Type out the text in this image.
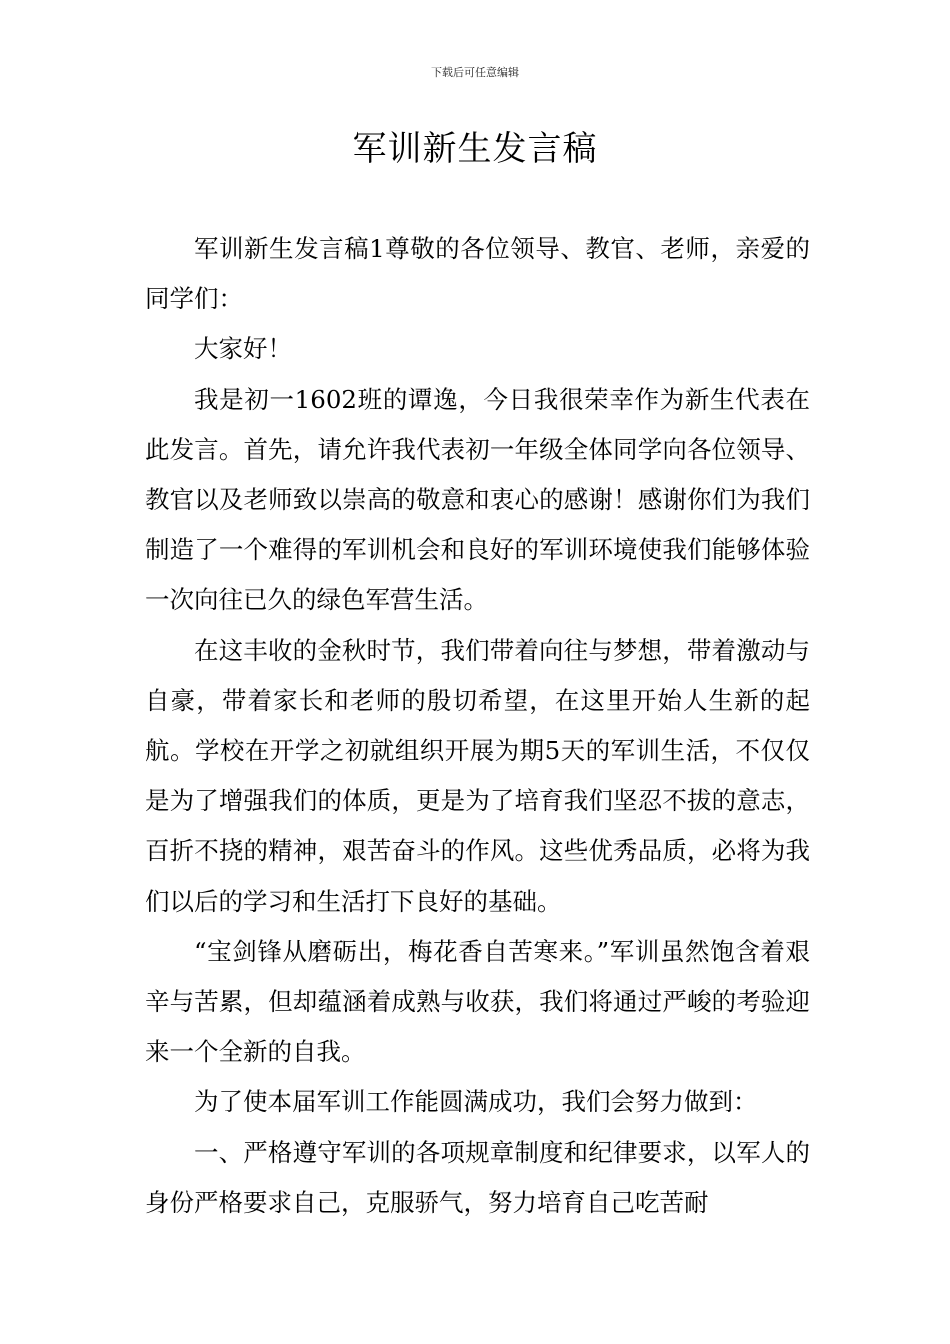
下载后可任意编辑
军训新生发言稿

军训新生发言稿1尊敬的各位领导、教官、老师，亲爱的同学们：

大家好！

我是初一1602班的谭逸，今日我很荣幸作为新生代表在此发言。首先，请允许我代表初一年级全体同学向各位领导、教官以及老师致以崇高的敬意和衷心的感谢！感谢你们为我们制造了一个难得的军训机会和良好的军训环境使我们能够体验一次向往已久的绿色军营生活。

在这丰收的金秋时节，我们带着向往与梦想，带着激动与自豪，带着家长和老师的殷切希望，在这里开始人生新的起航。学校在开学之初就组织开展为期5天的军训生活，不仅仅是为了增强我们的体质，更是为了培育我们坚忍不拔的意志，百折不挠的精神，艰苦奋斗的作风。这些优秀品质，必将为我们以后的学习和生活打下良好的基础。

“宝剑锋从磨砺出，梅花香自苦寒来。”军训虽然饱含着艰辛与苦累，但却蕴涵着成熟与收获，我们将通过严峻的考验迎来一个全新的自我。

为了使本届军训工作能圆满成功，我们会努力做到：

一、严格遵守军训的各项规章制度和纪律要求，以军人的身份严格要求自己，克服骄气，努力培育自己吃苦耐
